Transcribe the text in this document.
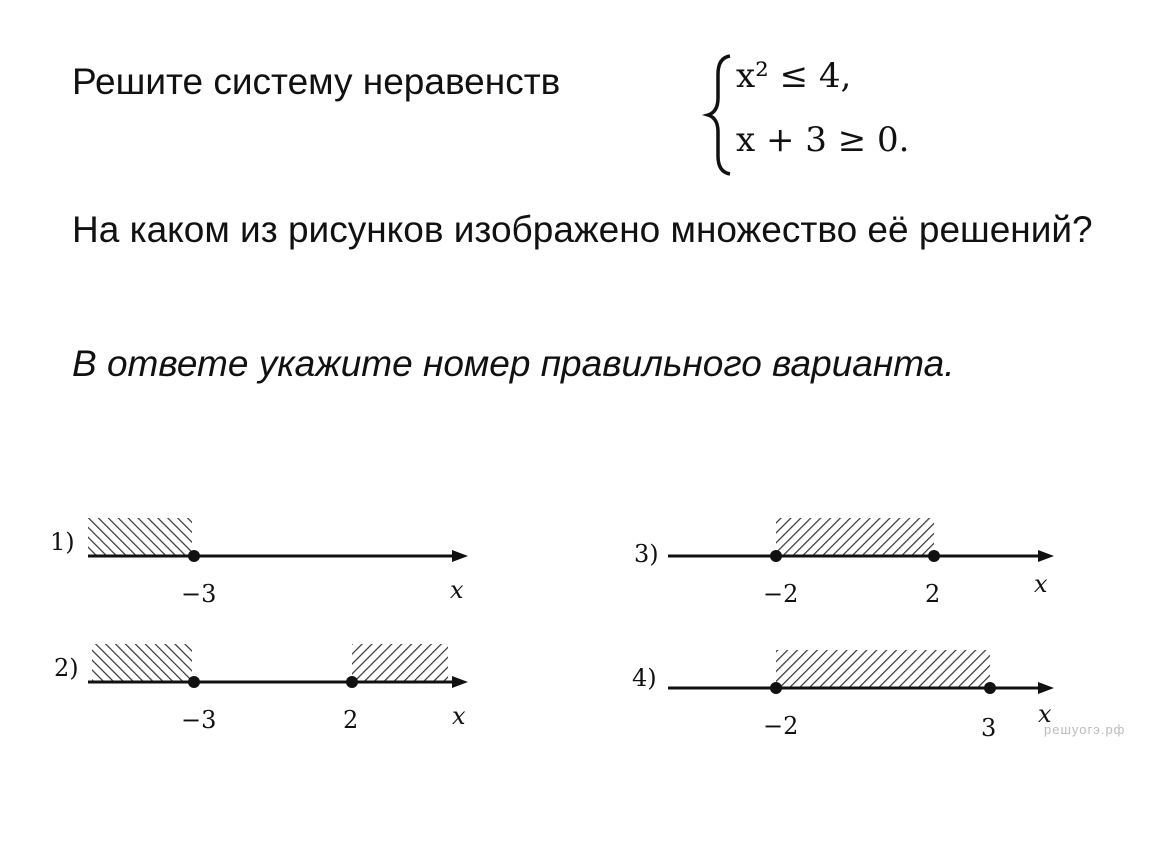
Решите систему неравенств	x² ≤ 4,
x + 3 ≥ 0.

На каком из рисунков изображено множество её решений?

В ответе укажите номер правильного варианта.

1)
−3	x
2)
−3	2	x
3)
−2	2	x
4)
−2	3 x
решуогэ.рф
